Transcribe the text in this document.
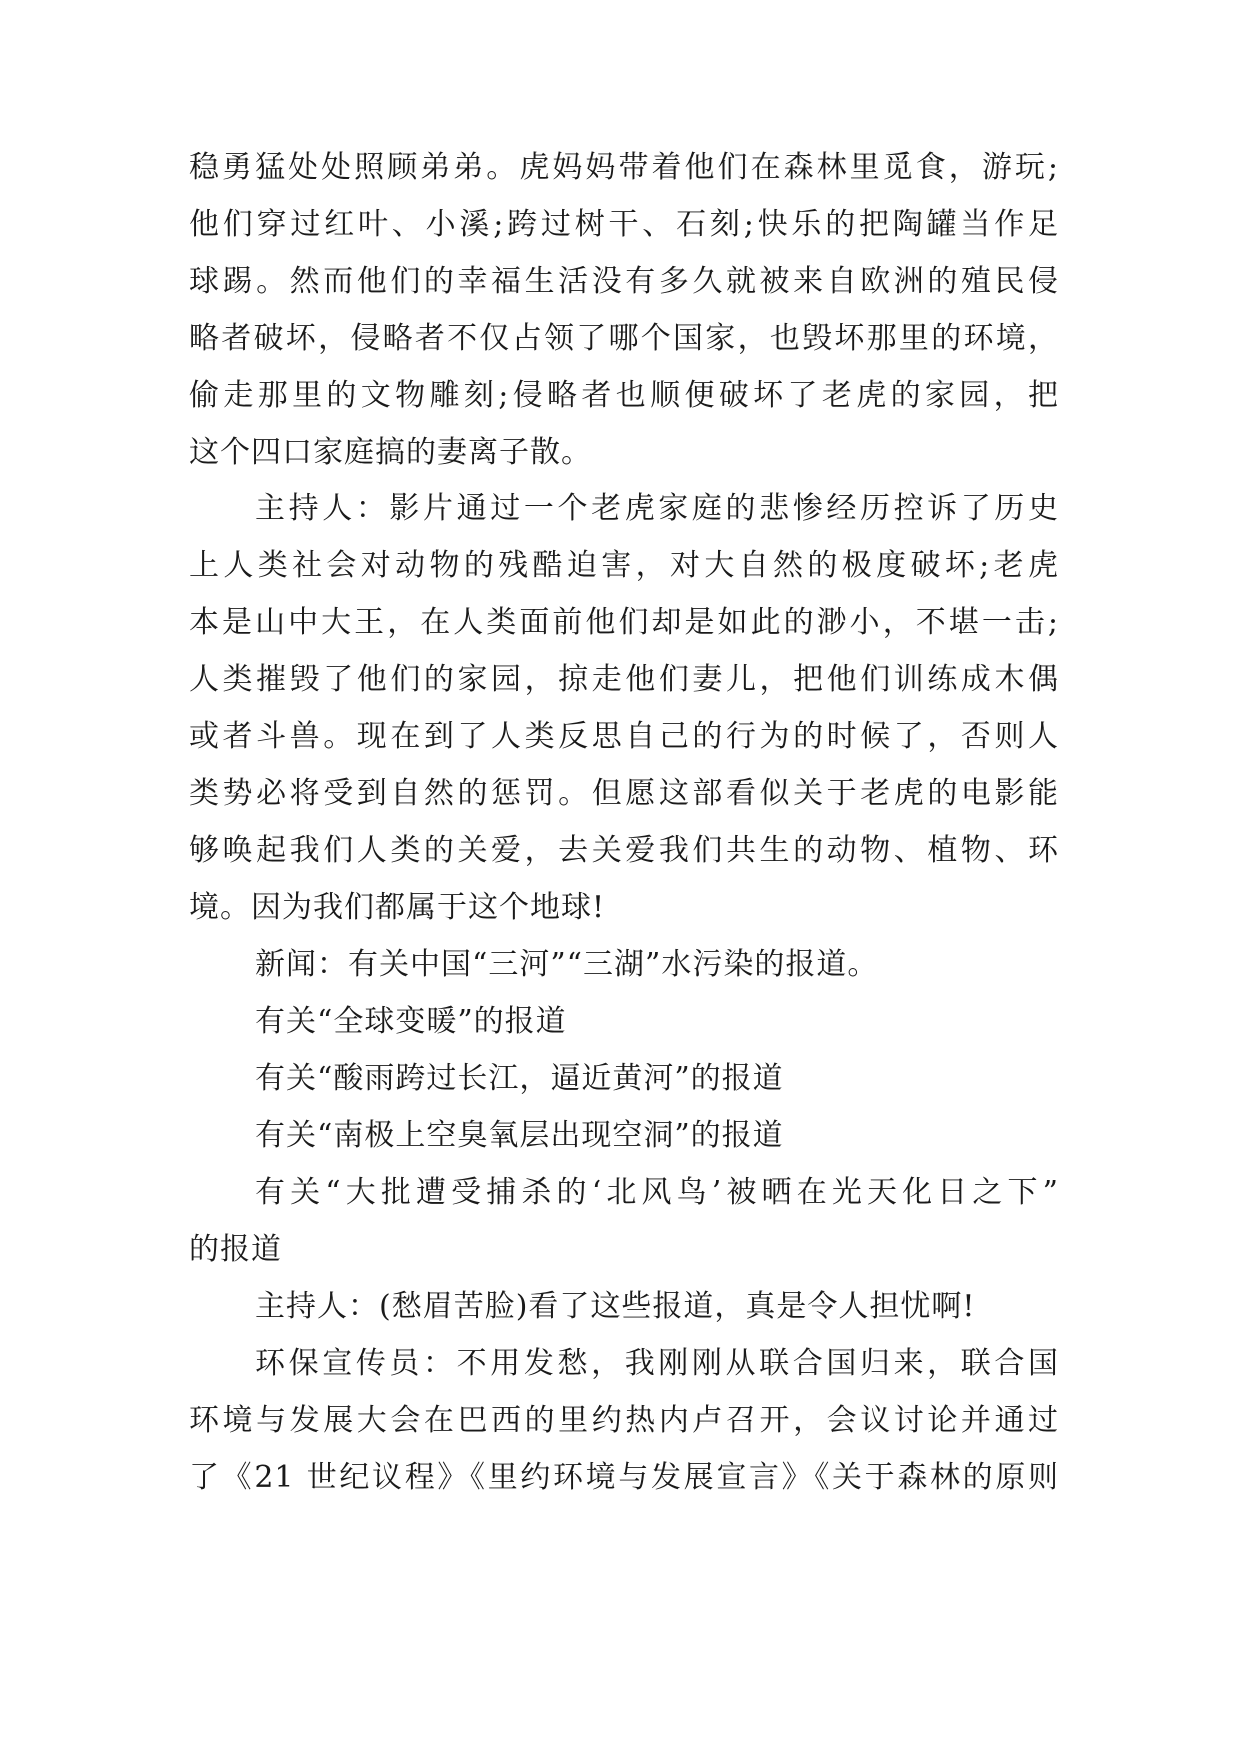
稳勇猛处处照顾弟弟。虎妈妈带着他们在森林里觅食，游玩;
他们穿过红叶、小溪;跨过树干、石刻;快乐的把陶罐当作足
球踢。然而他们的幸福生活没有多久就被来自欧洲的殖民侵
略者破坏，侵略者不仅占领了哪个国家，也毁坏那里的环境，
偷走那里的文物雕刻;侵略者也顺便破坏了老虎的家园，把
这个四口家庭搞的妻离子散。
主持人：影片通过一个老虎家庭的悲惨经历控诉了历史
上人类社会对动物的残酷迫害，对大自然的极度破坏;老虎
本是山中大王，在人类面前他们却是如此的渺小，不堪一击;
人类摧毁了他们的家园，掠走他们妻儿，把他们训练成木偶
或者斗兽。现在到了人类反思自己的行为的时候了，否则人
类势必将受到自然的惩罚。但愿这部看似关于老虎的电影能
够唤起我们人类的关爱，去关爱我们共生的动物、植物、环
境。因为我们都属于这个地球!
新闻：有关中国“三河”“三湖”水污染的报道。
有关“全球变暖”的报道
有关“酸雨跨过长江，逼近黄河”的报道
有关“南极上空臭氧层出现空洞”的报道
有关“大批遭受捕杀的‘北风鸟’被晒在光天化日之下”
的报道
主持人：(愁眉苦脸)看了这些报道，真是令人担忧啊!
环保宣传员：不用发愁，我刚刚从联合国归来，联合国
环境与发展大会在巴西的里约热内卢召开，会议讨论并通过
了《21 世纪议程》《里约环境与发展宣言》《关于森林的原则
